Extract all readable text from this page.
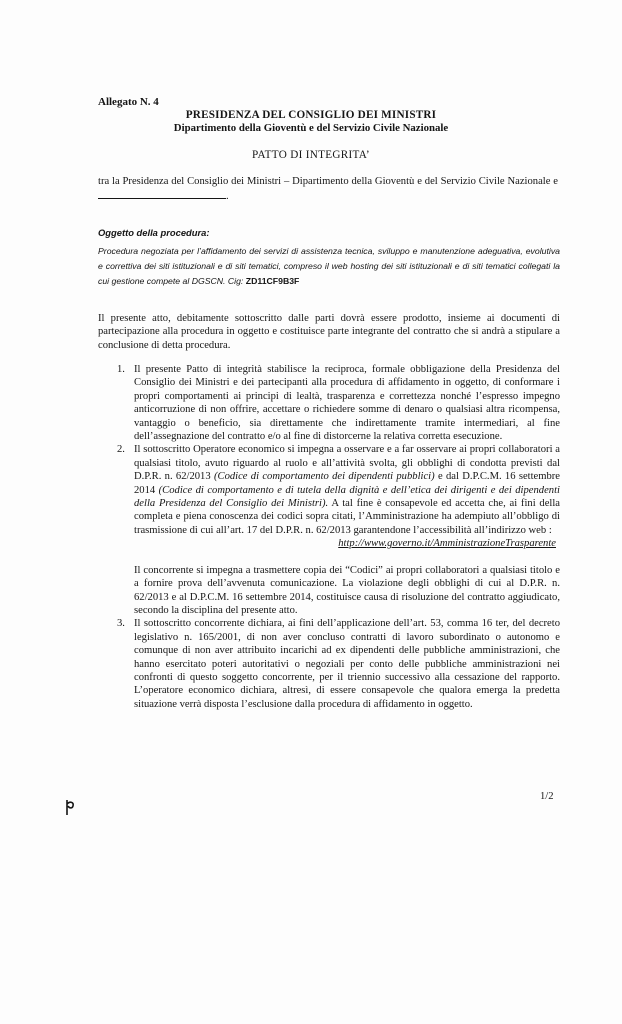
Allegato N. 4
PRESIDENZA DEL CONSIGLIO DEI MINISTRI
Dipartimento della Gioventù e del Servizio Civile Nazionale
PATTO DI INTEGRITA’
tra la Presidenza del Consiglio dei Ministri – Dipartimento della Gioventù e del Servizio Civile Nazionale e .
Oggetto della procedura:
Procedura negoziata per l’affidamento dei servizi di assistenza tecnica, sviluppo e manutenzione adeguativa, evolutiva e correttiva dei siti istituzionali e di siti tematici, compreso il web hosting dei siti istituzionali e di siti tematici collegati la cui gestione compete al DGSCN. Cig: ZD11CF9B3F
Il presente atto, debitamente sottoscritto dalle parti dovrà essere prodotto, insieme ai documenti di partecipazione alla procedura in oggetto e costituisce parte integrante del contratto che si andrà a stipulare a conclusione di detta procedura.
1. Il presente Patto di integrità stabilisce la reciproca, formale obbligazione della Presidenza del Consiglio dei Ministri e dei partecipanti alla procedura di affidamento in oggetto, di conformare i propri comportamenti ai principi di lealtà, trasparenza e correttezza nonché l’espresso impegno anticorruzione di non offrire, accettare o richiedere somme di denaro o qualsiasi altra ricompensa, vantaggio o beneficio, sia direttamente che indirettamente tramite intermediari, al fine dell’assegnazione del contratto e/o al fine di distorcerne la relativa corretta esecuzione.
2. Il sottoscritto Operatore economico si impegna a osservare e a far osservare ai propri collaboratori a qualsiasi titolo, avuto riguardo al ruolo e all’attività svolta, gli obblighi di condotta previsti dal D.P.R. n. 62/2013 (Codice di comportamento dei dipendenti pubblici) e dal D.P.C.M. 16 settembre 2014 (Codice di comportamento e di tutela della dignità e dell’etica dei dirigenti e dei dipendenti della Presidenza del Consiglio dei Ministri). A tal fine è consapevole ed accetta che, ai fini della completa e piena conoscenza dei codici sopra citati, l’Amministrazione ha adempiuto all’obbligo di trasmissione di cui all’art. 17 del D.P.R. n. 62/2013 garantendone l’accessibilità all’indirizzo web :
http://www.governo.it/AmministrazioneTrasparente

Il concorrente si impegna a trasmettere copia dei “Codici” ai propri collaboratori a qualsiasi titolo e a fornire prova dell’avvenuta comunicazione. La violazione degli obblighi di cui al D.P.R. n. 62/2013 e al D.P.C.M. 16 settembre 2014, costituisce causa di risoluzione del contratto aggiudicato, secondo la disciplina del presente atto.

3. Il sottoscritto concorrente dichiara, ai fini dell’applicazione dell’art. 53, comma 16 ter, del decreto legislativo n. 165/2001, di non aver concluso contratti di lavoro subordinato o autonomo e comunque di non aver attribuito incarichi ad ex dipendenti delle pubbliche amministrazioni, che hanno esercitato poteri autoritativi o negoziali per conto delle pubbliche amministrazioni nei confronti di questo soggetto concorrente, per il triennio successivo alla cessazione del rapporto. L’operatore economico dichiara, altresì, di essere consapevole che qualora emerga la predetta situazione verrà disposta l’esclusione dalla procedura di affidamento in oggetto.
1/2
